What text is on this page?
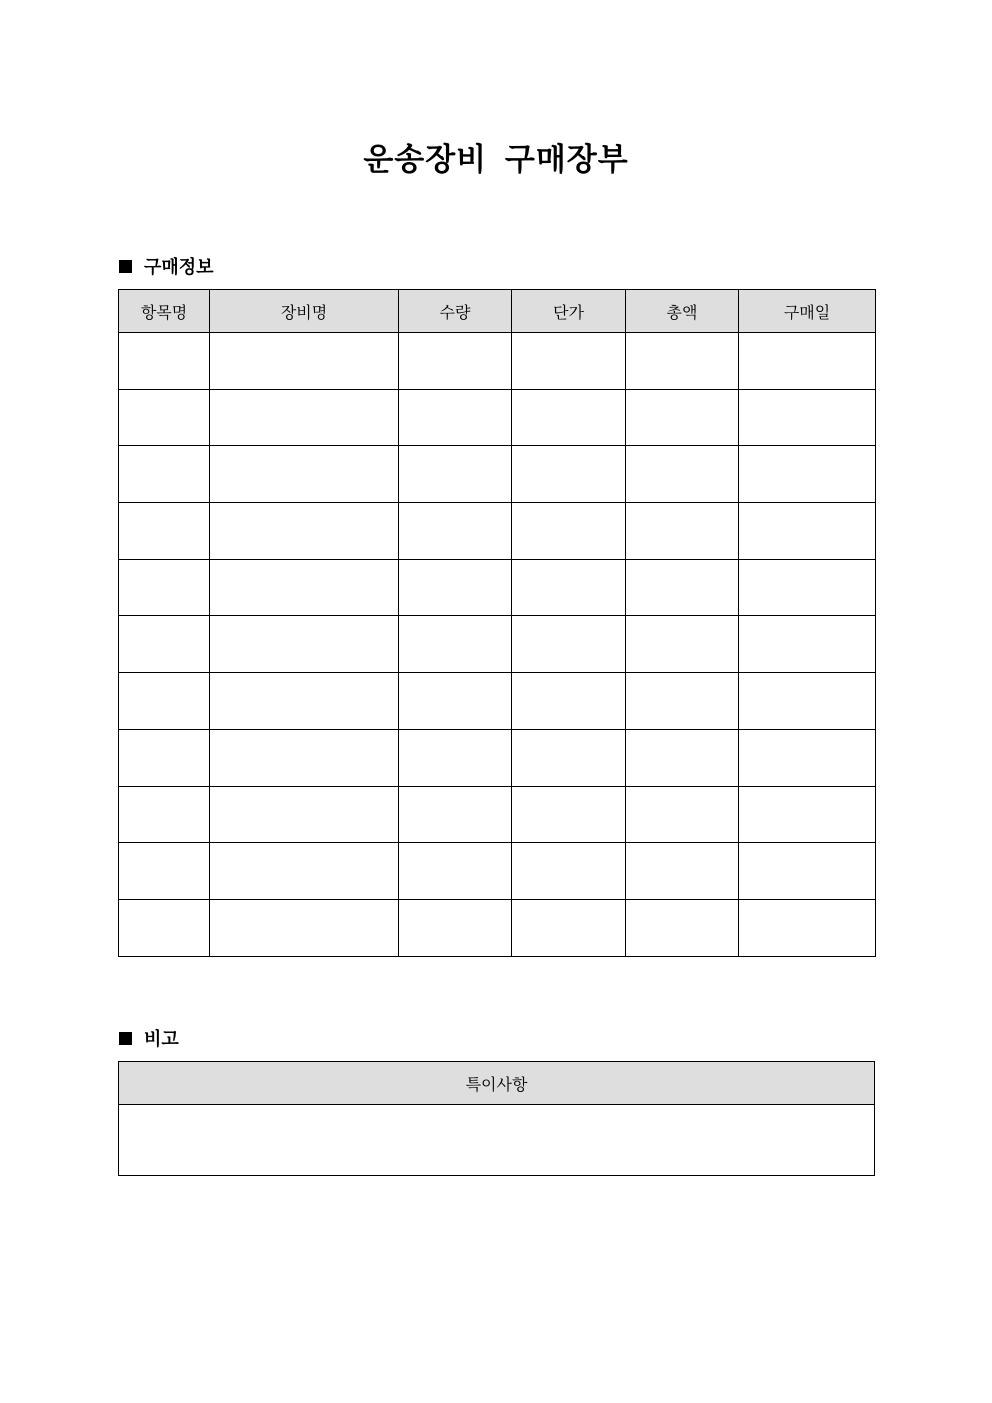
운송장비 구매장부
구매정보
항목명	장비명	수량	단가	총액	구매일

비고
특이사항
